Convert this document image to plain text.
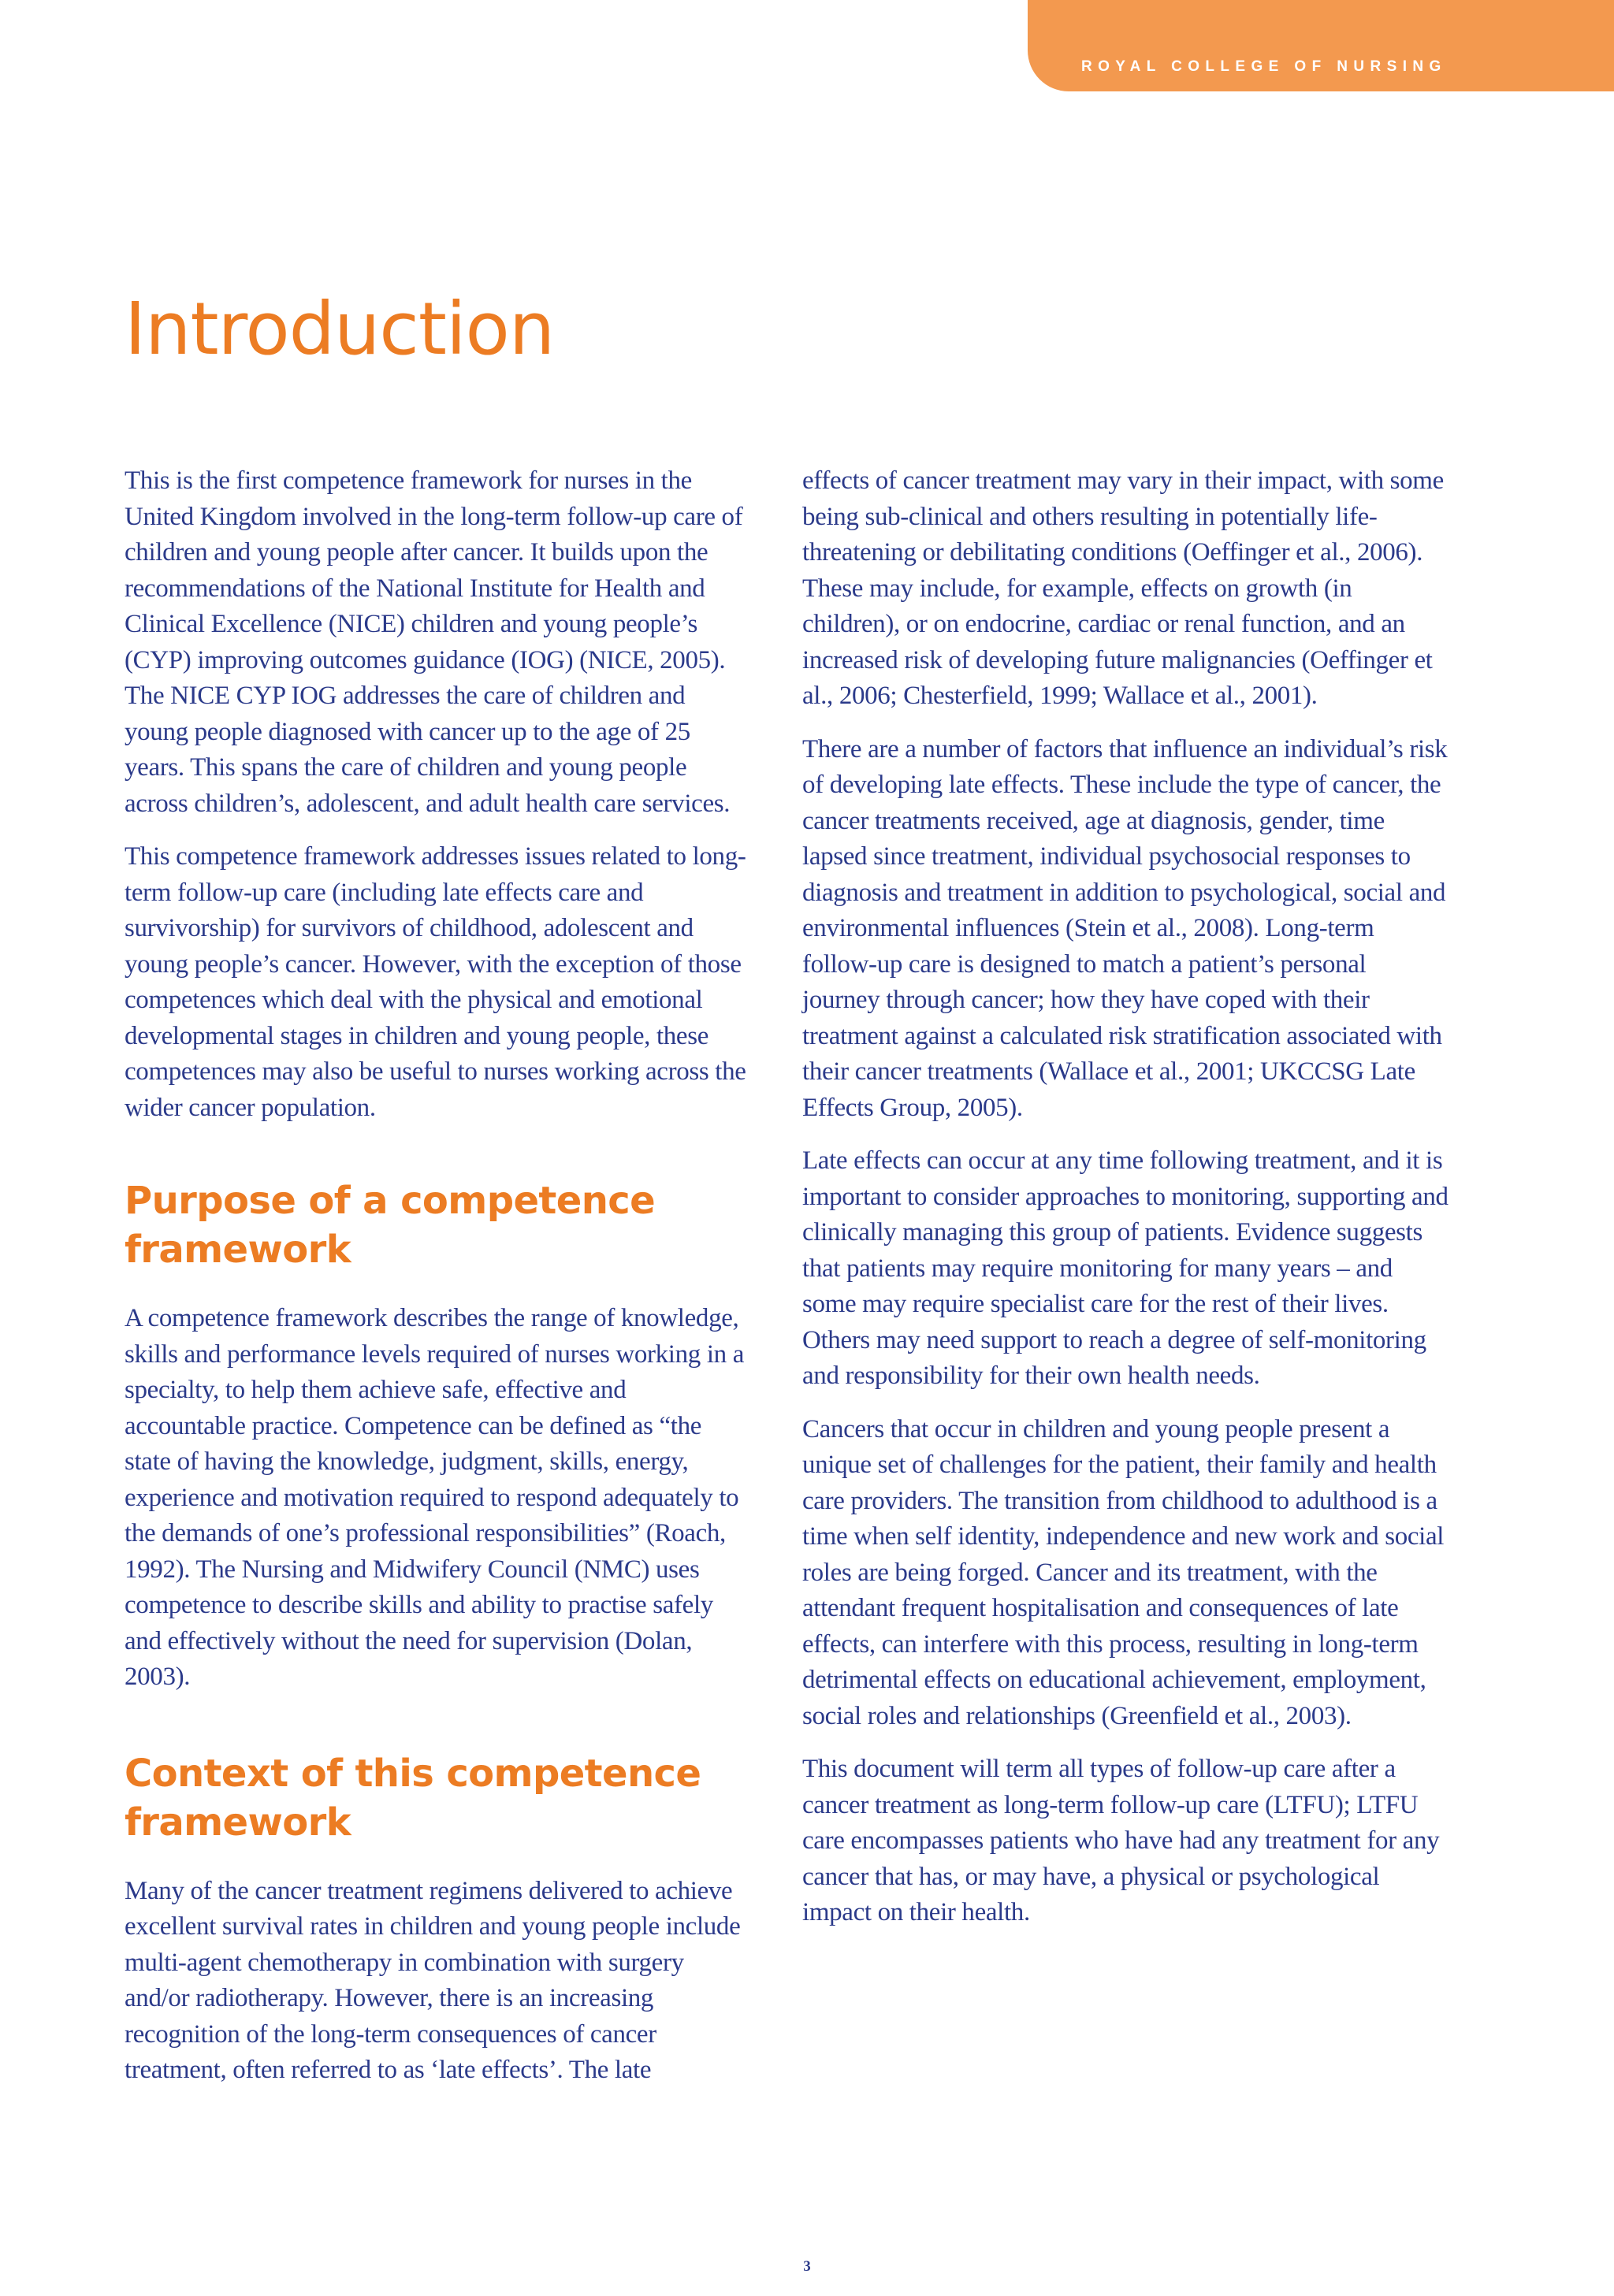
ROYAL COLLEGE OF NURSING
Introduction

This is the first competence framework for nurses in the United Kingdom involved in the long-term follow-up care of children and young people after cancer. It builds upon the recommendations of the National Institute for Health and Clinical Excellence (NICE) children and young people’s (CYP) improving outcomes guidance (IOG) (NICE, 2005). The NICE CYP IOG addresses the care of children and young people diagnosed with cancer up to the age of 25 years. This spans the care of children and young people across children’s, adolescent, and adult health care services.

This competence framework addresses issues related to long-term follow-up care (including late effects care and survivorship) for survivors of childhood, adolescent and young people’s cancer. However, with the exception of those competences which deal with the physical and emotional developmental stages in children and young people, these competences may also be useful to nurses working across the wider cancer population.

Purpose of a competence framework

A competence framework describes the range of knowledge, skills and performance levels required of nurses working in a specialty, to help them achieve safe, effective and accountable practice. Competence can be defined as “the state of having the knowledge, judgment, skills, energy, experience and motivation required to respond adequately to the demands of one’s professional responsibilities” (Roach, 1992). The Nursing and Midwifery Council (NMC) uses competence to describe skills and ability to practise safely and effectively without the need for supervision (Dolan, 2003).

Context of this competence framework

Many of the cancer treatment regimens delivered to achieve excellent survival rates in children and young people include multi-agent chemotherapy in combination with surgery and/or radiotherapy. However, there is an increasing recognition of the long-term consequences of cancer treatment, often referred to as ‘late effects’. The late

effects of cancer treatment may vary in their impact, with some being sub-clinical and others resulting in potentially life-threatening or debilitating conditions (Oeffinger et al., 2006). These may include, for example, effects on growth (in children), or on endocrine, cardiac or renal function, and an increased risk of developing future malignancies (Oeffinger et al., 2006; Chesterfield, 1999; Wallace et al., 2001).

There are a number of factors that influence an individual’s risk of developing late effects. These include the type of cancer, the cancer treatments received, age at diagnosis, gender, time lapsed since treatment, individual psychosocial responses to diagnosis and treatment in addition to psychological, social and environmental influences (Stein et al., 2008). Long-term follow-up care is designed to match a patient’s personal journey through cancer; how they have coped with their treatment against a calculated risk stratification associated with their cancer treatments (Wallace et al., 2001; UKCCSG Late Effects Group, 2005).

Late effects can occur at any time following treatment, and it is important to consider approaches to monitoring, supporting and clinically managing this group of patients. Evidence suggests that patients may require monitoring for many years – and some may require specialist care for the rest of their lives. Others may need support to reach a degree of self-monitoring and responsibility for their own health needs.

Cancers that occur in children and young people present a unique set of challenges for the patient, their family and health care providers. The transition from childhood to adulthood is a time when self identity, independence and new work and social roles are being forged. Cancer and its treatment, with the attendant frequent hospitalisation and consequences of late effects, can interfere with this process, resulting in long-term detrimental effects on educational achievement, employment, social roles and relationships (Greenfield et al., 2003).

This document will term all types of follow-up care after a cancer treatment as long-term follow-up care (LTFU); LTFU care encompasses patients who have had any treatment for any cancer that has, or may have, a physical or psychological impact on their health.

3
